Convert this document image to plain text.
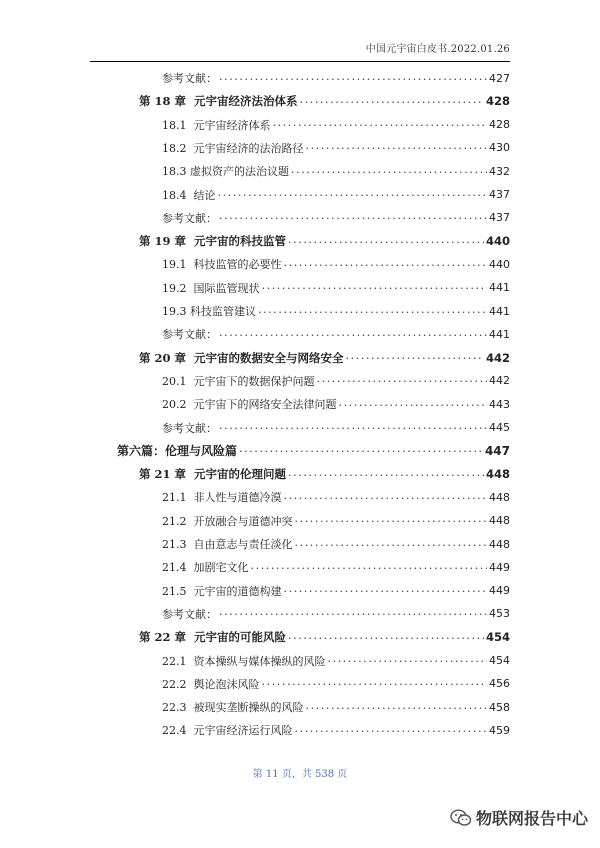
中国元宇宙白皮书.2022.01.26
参考文献： .....	427
第 18 章  元宇宙经济法治体系 .....	428
18.1  元宇宙经济体系 .....	428
18.2  元宇宙经济的法治路径 .....	430
18.3 虚拟资产的法治议题 .....	432
18.4  结论 .....	437
参考文献： .....	437
第 19 章  元宇宙的科技监管 .....	440
19.1  科技监管的必要性 .....	440
19.2  国际监管现状 .....	441
19.3 科技监管建议 .....	441
参考文献： .....	441
第 20 章  元宇宙的数据安全与网络安全 .....	442
20.1  元宇宙下的数据保护问题 .....	442
20.2  元宇宙下的网络安全法律问题 .....	443
参考文献： .....	445
第六篇：伦理与风险篇 .....	447
第 21 章  元宇宙的伦理问题 .....	448
21.1  非人性与道德冷漠 .....	448
21.2  开放融合与道德冲突 .....	448
21.3  自由意志与责任淡化 .....	448
21.4  加剧宅文化 .....	449
21.5  元宇宙的道德构建 .....	449
参考文献： .....	453
第 22 章  元宇宙的可能风险 .....	454
22.1  资本操纵与媒体操纵的风险 .....	454
22.2  舆论泡沫风险 .....	456
22.3  被现实垄断操纵的风险 .....	458
22.4  元宇宙经济运行风险 .....	459
第 11 页，共 538 页
物联网报告中心
